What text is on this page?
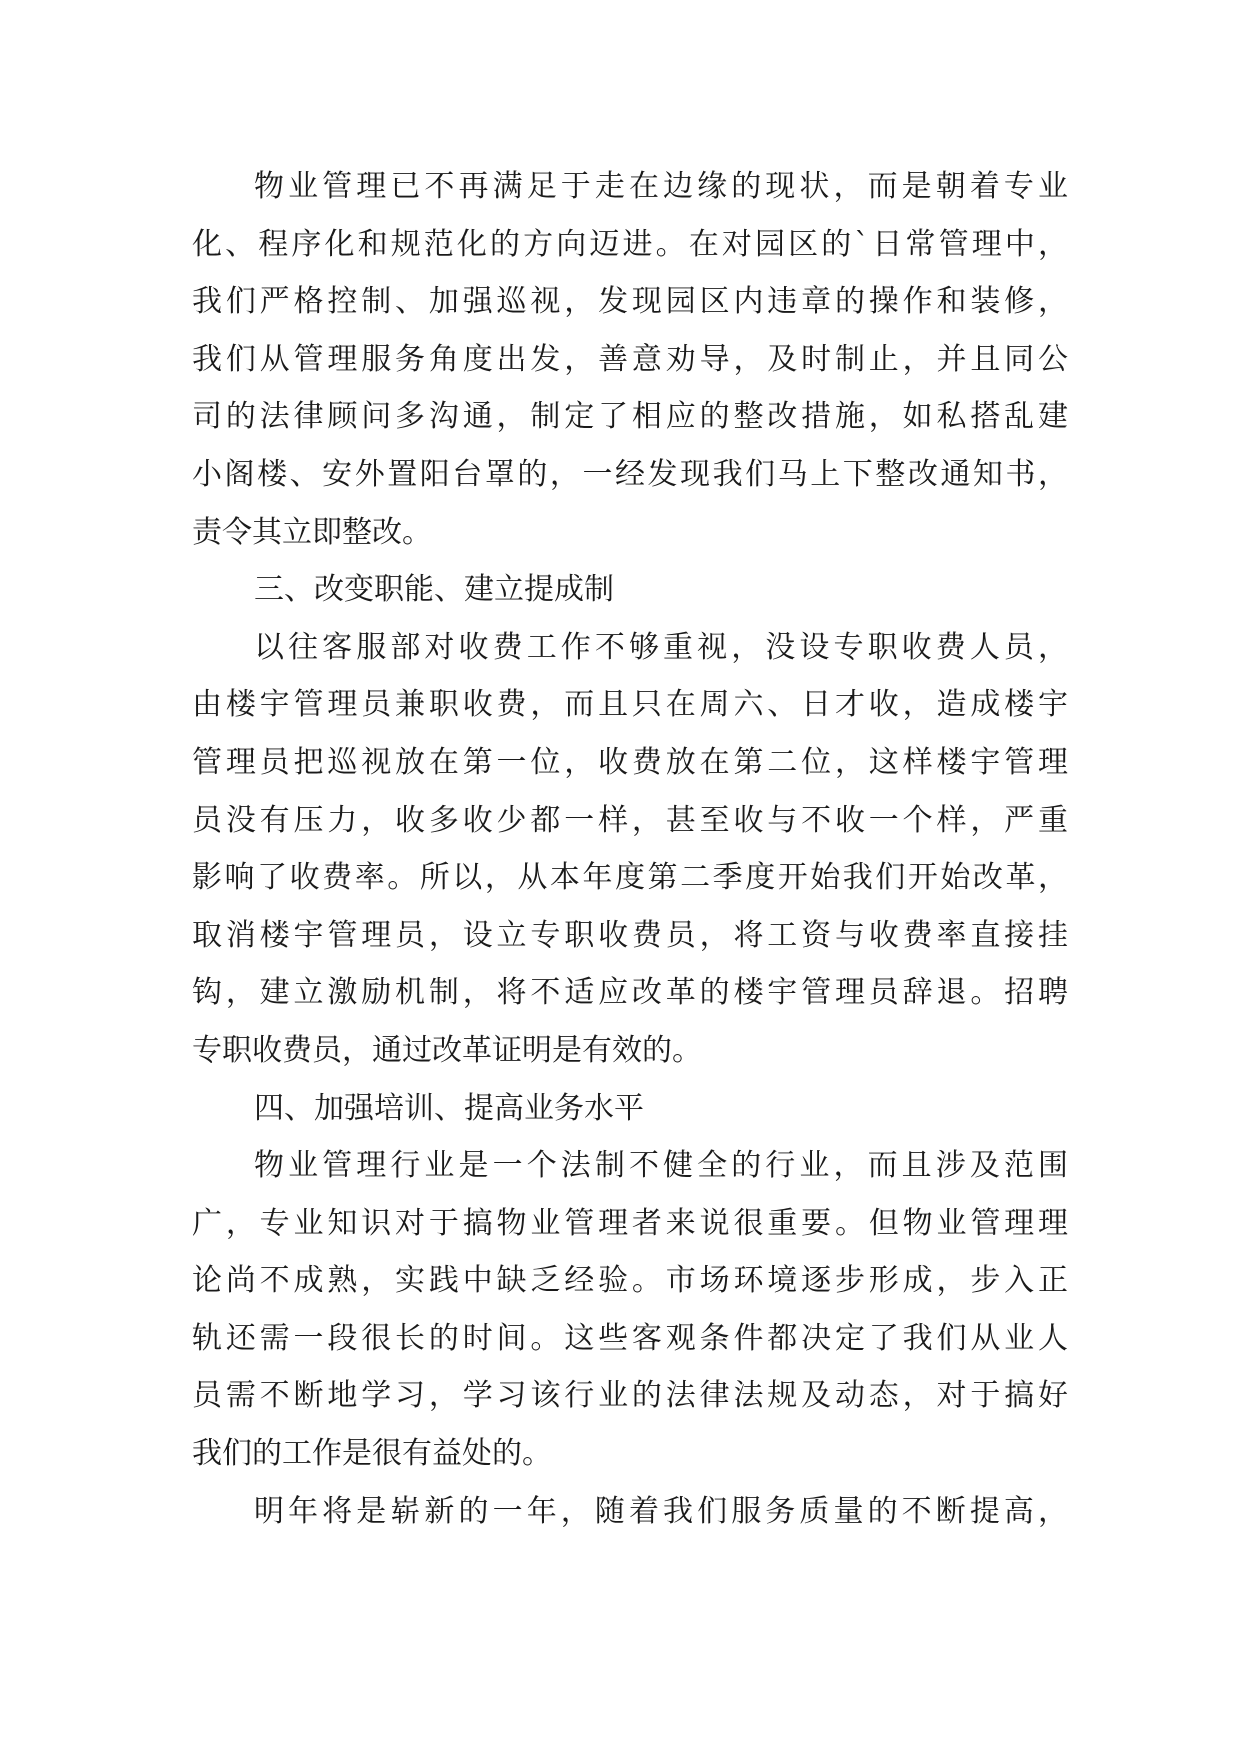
物业管理已不再满足于走在边缘的现状，而是朝着专业
化、程序化和规范化的方向迈进。在对园区的`日常管理中，
我们严格控制、加强巡视，发现园区内违章的操作和装修，
我们从管理服务角度出发，善意劝导，及时制止，并且同公
司的法律顾问多沟通，制定了相应的整改措施，如私搭乱建
小阁楼、安外置阳台罩的，一经发现我们马上下整改通知书，
责令其立即整改。
三、改变职能、建立提成制
以往客服部对收费工作不够重视，没设专职收费人员，
由楼宇管理员兼职收费，而且只在周六、日才收，造成楼宇
管理员把巡视放在第一位，收费放在第二位，这样楼宇管理
员没有压力，收多收少都一样，甚至收与不收一个样，严重
影响了收费率。所以，从本年度第二季度开始我们开始改革，
取消楼宇管理员，设立专职收费员，将工资与收费率直接挂
钩，建立激励机制，将不适应改革的楼宇管理员辞退。招聘
专职收费员，通过改革证明是有效的。
四、加强培训、提高业务水平
物业管理行业是一个法制不健全的行业，而且涉及范围
广，专业知识对于搞物业管理者来说很重要。但物业管理理
论尚不成熟，实践中缺乏经验。市场环境逐步形成，步入正
轨还需一段很长的时间。这些客观条件都决定了我们从业人
员需不断地学习，学习该行业的法律法规及动态，对于搞好
我们的工作是很有益处的。
明年将是崭新的一年，随着我们服务质量的不断提高，
